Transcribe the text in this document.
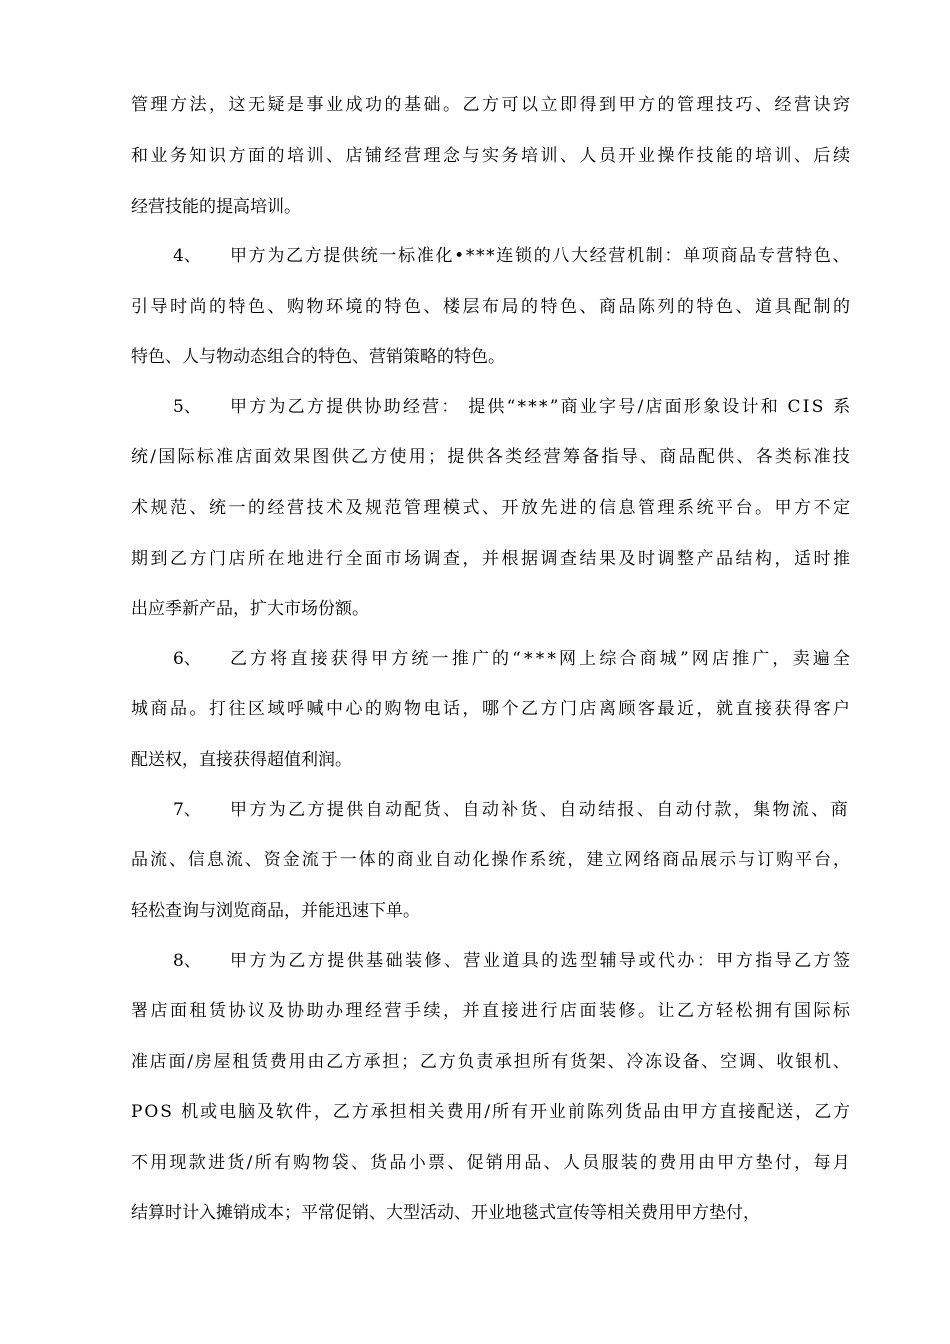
管理方法，这无疑是事业成功的基础。乙方可以立即得到甲方的管理技巧、经营诀窍
和业务知识方面的培训、店铺经营理念与实务培训、人员开业操作技能的培训、后续
经营技能的提高培训。
4、 甲方为乙方提供统一标准化•***连锁的八大经营机制：单项商品专营特色、
引导时尚的特色、购物环境的特色、楼层布局的特色、商品陈列的特色、道具配制的
特色、人与物动态组合的特色、营销策略的特色。
5、 甲方为乙方提供协助经营： 提供“***”商业字号/店面形象设计和 CIS 系
统/国际标准店面效果图供乙方使用；提供各类经营筹备指导、商品配供、各类标准技
术规范、统一的经营技术及规范管理模式、开放先进的信息管理系统平台。甲方不定
期到乙方门店所在地进行全面市场调查，并根据调查结果及时调整产品结构，适时推
出应季新产品，扩大市场份额。
6、 乙方将直接获得甲方统一推广的“***网上综合商城”网店推广，卖遍全
城商品。打往区域呼喊中心的购物电话，哪个乙方门店离顾客最近，就直接获得客户
配送权，直接获得超值利润。
7、 甲方为乙方提供自动配货、自动补货、自动结报、自动付款，集物流、商
品流、信息流、资金流于一体的商业自动化操作系统，建立网络商品展示与订购平台，
轻松查询与浏览商品，并能迅速下单。
8、 甲方为乙方提供基础装修、营业道具的选型辅导或代办：甲方指导乙方签
署店面租赁协议及协助办理经营手续，并直接进行店面装修。让乙方轻松拥有国际标
准店面/房屋租赁费用由乙方承担；乙方负责承担所有货架、冷冻设备、空调、收银机、
POS 机或电脑及软件，乙方承担相关费用/所有开业前陈列货品由甲方直接配送，乙方
不用现款进货/所有购物袋、货品小票、促销用品、人员服装的费用由甲方垫付，每月
结算时计入摊销成本；平常促销、大型活动、开业地毯式宣传等相关费用甲方垫付，
